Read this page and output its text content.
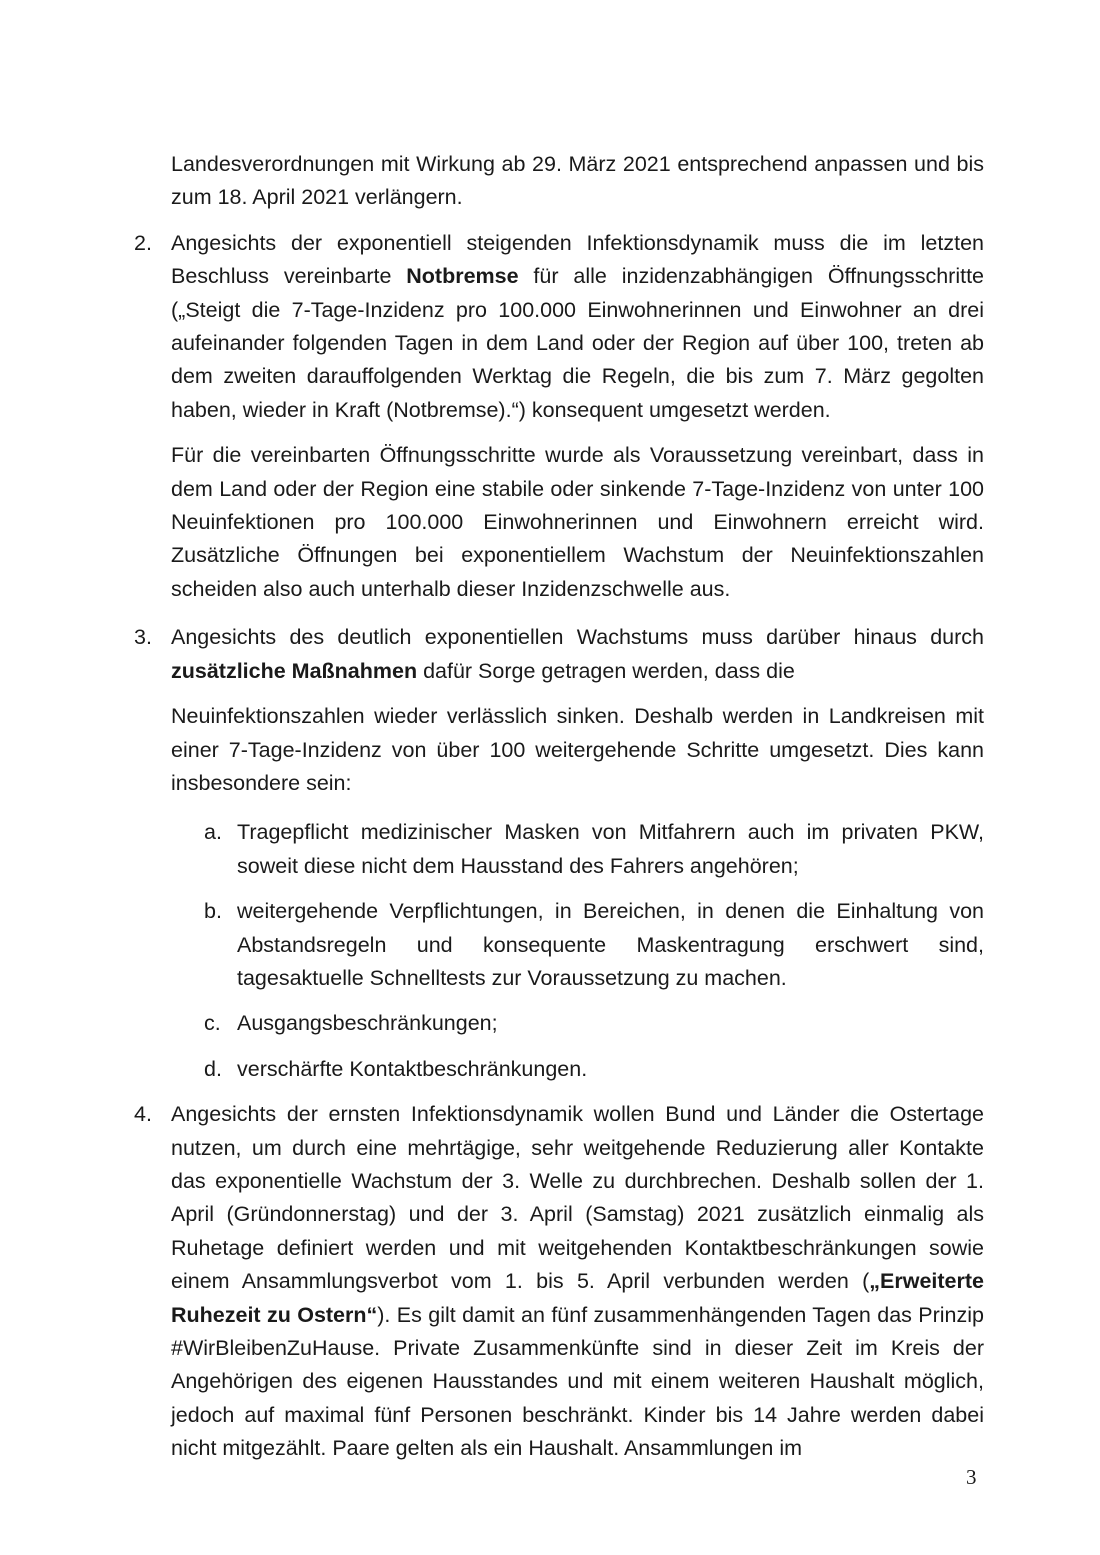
Landesverordnungen mit Wirkung ab 29. März 2021 entsprechend anpassen und bis zum 18. April 2021 verlängern.

2. Angesichts der exponentiell steigenden Infektionsdynamik muss die im letzten Beschluss vereinbarte Notbremse für alle inzidenzabhängigen Öffnungsschritte („Steigt die 7-Tage-Inzidenz pro 100.000 Einwohnerinnen und Einwohner an drei aufeinander folgenden Tagen in dem Land oder der Region auf über 100, treten ab dem zweiten darauffolgenden Werktag die Regeln, die bis zum 7. März gegolten haben, wieder in Kraft (Notbremse).“) konsequent umgesetzt werden.

Für die vereinbarten Öffnungsschritte wurde als Voraussetzung vereinbart, dass in dem Land oder der Region eine stabile oder sinkende 7-Tage-Inzidenz von unter 100 Neuinfektionen pro 100.000 Einwohnerinnen und Einwohnern erreicht wird. Zusätzliche Öffnungen bei exponentiellem Wachstum der Neuinfektionszahlen scheiden also auch unterhalb dieser Inzidenzschwelle aus.

3. Angesichts des deutlich exponentiellen Wachstums muss darüber hinaus durch zusätzliche Maßnahmen dafür Sorge getragen werden, dass die

Neuinfektionszahlen wieder verlässlich sinken. Deshalb werden in Landkreisen mit einer 7-Tage-Inzidenz von über 100 weitergehende Schritte umgesetzt. Dies kann insbesondere sein:

a. Tragepflicht medizinischer Masken von Mitfahrern auch im privaten PKW, soweit diese nicht dem Hausstand des Fahrers angehören;

b. weitergehende Verpflichtungen, in Bereichen, in denen die Einhaltung von Abstandsregeln und konsequente Maskentragung erschwert sind, tagesaktuelle Schnelltests zur Voraussetzung zu machen.

c. Ausgangsbeschränkungen;

d. verschärfte Kontaktbeschränkungen.

4. Angesichts der ernsten Infektionsdynamik wollen Bund und Länder die Ostertage nutzen, um durch eine mehrtägige, sehr weitgehende Reduzierung aller Kontakte das exponentielle Wachstum der 3. Welle zu durchbrechen. Deshalb sollen der 1. April (Gründonnerstag) und der 3. April (Samstag) 2021 zusätzlich einmalig als Ruhetage definiert werden und mit weitgehenden Kontaktbeschränkungen sowie einem Ansammlungsverbot vom 1. bis 5. April verbunden werden („Erweiterte Ruhezeit zu Ostern“). Es gilt damit an fünf zusammenhängenden Tagen das Prinzip #WirBleibenZuHause. Private Zusammenkünfte sind in dieser Zeit im Kreis der Angehörigen des eigenen Hausstandes und mit einem weiteren Haushalt möglich, jedoch auf maximal fünf Personen beschränkt. Kinder bis 14 Jahre werden dabei nicht mitgezählt. Paare gelten als ein Haushalt. Ansammlungen im

3
